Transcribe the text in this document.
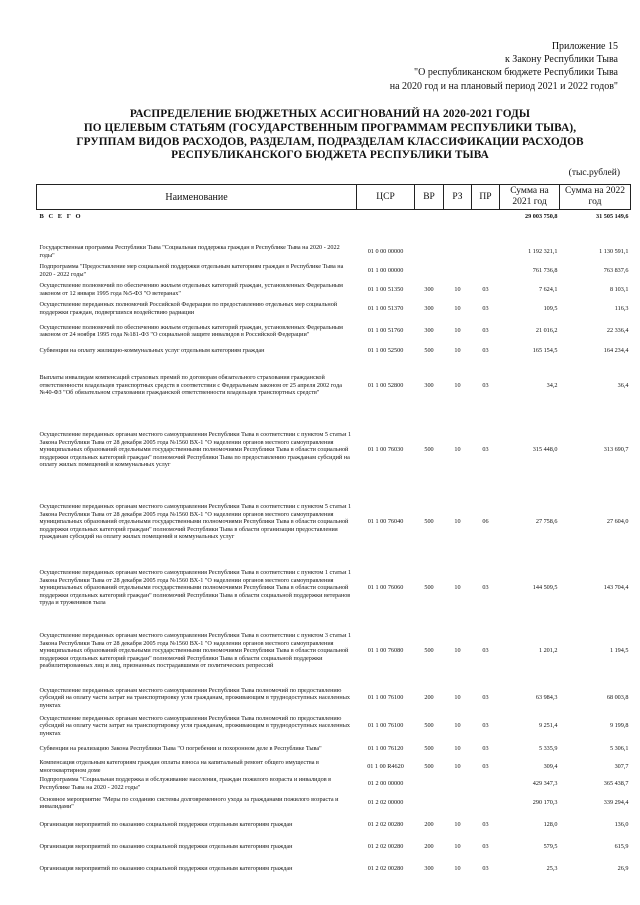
Приложение 15
к Закону Республики Тыва
"О республиканском бюджете Республики Тыва
на 2020 год и на плановый период 2021 и 2022 годов"
РАСПРЕДЕЛЕНИЕ БЮДЖЕТНЫХ АССИГНОВАНИЙ НА 2020-2021 ГОДЫ
ПО ЦЕЛЕВЫМ СТАТЬЯМ (ГОСУДАРСТВЕННЫМ ПРОГРАММАМ РЕСПУБЛИКИ ТЫВА),
ГРУППАМ ВИДОВ РАСХОДОВ, РАЗДЕЛАМ, ПОДРАЗДЕЛАМ КЛАССИФИКАЦИИ РАСХОДОВ
РЕСПУБЛИКАНСКОГО БЮДЖЕТА РЕСПУБЛИКИ ТЫВА
(тыс.рублей)
Наименование	ЦСР	ВР	РЗ	ПР	Сумма на 2021 год	Сумма на 2022 год
В С Е Г О					29 003 750,8	31 505 149,6

Государственная программа Республики Тыва "Социальная поддержка граждан в Республике Тыва на 2020 - 2022 годы"	01 0 00 00000				1 192 321,1	1 130 591,1
Подпрограмма "Предоставление мер социальной поддержки отдельным категориям граждан в Республике Тыва на 2020 - 2022 годы"	01 1 00 00000				761 736,8	763 837,6
Осуществление полномочий по обеспечению жильем отдельных категорий граждан, установленных Федеральным законом от 12 января 1995 года №5-ФЗ "О ветеранах"	01 1 00 51350	300	10	03	7 624,1	8 103,1
Осуществление переданных полномочий Российской Федерации по предоставлению отдельных мер социальной поддержки граждан, подвергшихся воздействию радиации	01 1 00 51370	300	10	03	109,5	116,3
Осуществление полномочий по обеспечению жильем отдельных категорий граждан, установленных Федеральным законом от 24 ноября 1995 года №181-ФЗ "О социальной защите инвалидов в Российской Федерации"	01 1 00 51760	300	10	03	21 016,2	22 336,4
Субвенции на оплату жилищно-коммунальных услуг отдельным категориям граждан	01 1 00 52500	500	10	03	165 154,5	164 234,4
Выплаты инвалидам компенсаций страховых премий по договорам обязательного страхования гражданской ответственности владельцев транспортных средств в соответствии с Федеральным законом от 25 апреля 2002 года №40-ФЗ "Об обязательном страховании гражданской ответственности владельцев транспортных средств"	01 1 00 52800	300	10	03	34,2	36,4
Осуществление переданных органам местного самоуправления Республики Тыва в соответствии с пунктом 5 статьи 1 Закона Республики Тыва от 28 декабря 2005 года №1560 ВХ-1 "О наделении органов местного самоуправления муниципальных образований отдельными государственными полномочиями Республики Тыва в области социальной поддержки отдельных категорий граждан" полномочий Республики Тыва по предоставлению гражданам субсидий на оплату жилых помещений и коммунальных услуг	01 1 00 76030	500	10	03	315 448,0	313 690,7
Осуществление переданных органам местного самоуправления Республики Тыва в соответствии с пунктом 5 статьи 1 Закона Республики Тыва от 28 декабря 2005 года №1560 ВХ-1 "О наделении органов местного самоуправления муниципальных образований отдельными государственными полномочиями Республики Тыва в области социальной поддержки отдельных категорий граждан" полномочий Республики Тыва в области организации предоставления гражданам субсидий на оплату жилых помещений и коммунальных услуг	01 1 00 76040	500	10	06	27 758,6	27 604,0
Осуществление переданных органам местного самоуправления Республики Тыва в соответствии с пунктом 1 статьи 1 Закона Республики Тыва от 28 декабря 2005 года №1560 ВХ-1 "О наделении органов местного самоуправления муниципальных образований отдельными государственными полномочиями Республики Тыва в области социальной поддержки отдельных категорий граждан" полномочий Республики Тыва в области социальной поддержки ветеранов труда и тружеников тыла	01 1 00 76060	500	10	03	144 509,5	143 704,4
Осуществление переданных органам местного самоуправления Республики Тыва в соответствии с пунктом 3 статьи 1 Закона Республики Тыва от 28 декабря 2005 года №1560 ВХ-1 "О наделении органов местного самоуправления муниципальных образований отдельными государственными полномочиями Республики Тыва в области социальной поддержки отдельных категорий граждан" полномочий Республики Тыва в области социальной поддержки реабилитированных лиц и лиц, признанных пострадавшими от политических репрессий	01 1 00 76080	500	10	03	1 201,2	1 194,5
Осуществление переданных органам местного самоуправления Республики Тыва полномочий по предоставлению субсидий на оплату части затрат на транспортировку угля гражданам, проживающим в труднодоступных населенных пунктах	01 1 00 76100	200	10	03	63 984,3	68 003,8
Осуществление переданных органам местного самоуправления Республики Тыва полномочий по предоставлению субсидий на оплату части затрат на транспортировку угля гражданам, проживающим в труднодоступных населенных пунктах	01 1 00 76100	500	10	03	9 251,4	9 199,8
Субвенции на реализацию Закона Республики Тыва "О погребении и похоронном деле в Республике Тыва"	01 1 00 76120	500	10	03	5 335,9	5 306,1
Компенсация отдельным категориям граждан оплаты взноса на капитальный ремонт общего имущества в многоквартирном доме	01 1 00 R4620	500	10	03	309,4	307,7
Подпрограмма "Социальная поддержка и обслуживание населения, граждан пожилого возраста и инвалидов в Республике Тыва на 2020 - 2022 годы"	01 2 00 00000				429 347,3	365 438,7
Основное мероприятие "Меры по созданию системы долговременного ухода за гражданами пожилого возраста и инвалидами"	01 2 02 00000				290 170,3	339 294,4
Организация мероприятий по оказанию социальной поддержки отдельным категориям граждан	01 2 02 00280	200	10	03	128,0	136,0
Организация мероприятий по оказанию социальной поддержки отдельным категориям граждан	01 2 02 00280	200	10	03	579,5	615,9
Организация мероприятий по оказанию социальной поддержки отдельным категориям граждан	01 2 02 00280	300	10	03	25,3	26,9
